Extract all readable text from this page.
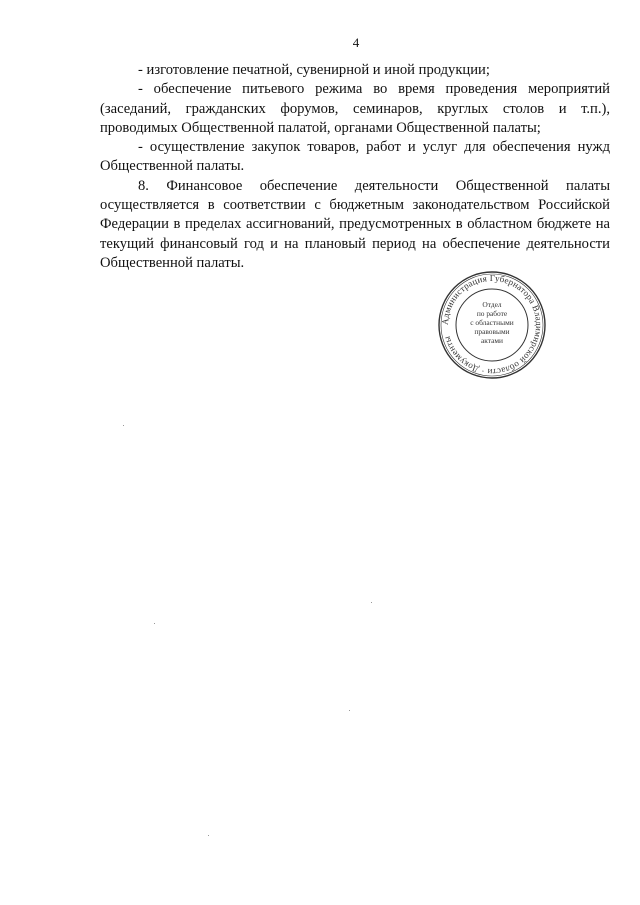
4

- изготовление печатной, сувенирной и иной продукции;

- обеспечение питьевого режима во время проведения мероприятий (заседаний, гражданских форумов, семинаров, круглых столов и т.п.), проводимых Общественной палатой, органами Общественной палаты;

- осуществление закупок товаров, работ и услуг для обеспечения нужд Общественной палаты.

8. Финансовое обеспечение деятельности Общественной палаты осуществляется в соответствии с бюджетным законодательством Российской Федерации в пределах ассигнований, предусмотренных в областном бюджете на текущий финансовый год и на плановый период на обеспечение деятельности Общественной палаты.

Администрация Губернатора Владимирской области · Документы
Отдел
по работе
с областными
правовыми
актами
